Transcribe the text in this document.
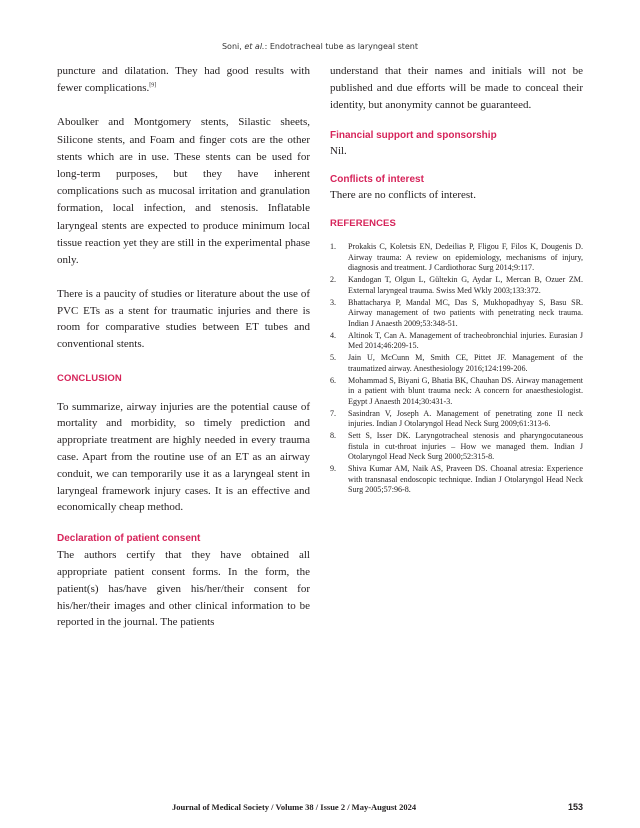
Soni, et al.: Endotracheal tube as laryngeal stent

puncture and dilatation. They had good results with fewer complications.[9]

Aboulker and Montgomery stents, Silastic sheets, Silicone stents, and Foam and finger cots are the other stents which are in use. These stents can be used for long-term purposes, but they have inherent complications such as mucosal irritation and granulation formation, local infection, and stenosis. Inflatable laryngeal stents are expected to produce minimum local tissue reaction yet they are still in the experimental phase only.

There is a paucity of studies or literature about the use of PVC ETs as a stent for traumatic injuries and there is room for comparative studies between ET tubes and conventional stents.

CONCLUSION

To summarize, airway injuries are the potential cause of mortality and morbidity, so timely prediction and appropriate treatment are highly needed in every trauma case. Apart from the routine use of an ET as an airway conduit, we can temporarily use it as a laryngeal stent in laryngeal framework injury cases. It is an effective and economically cheap method.

Declaration of patient consent

The authors certify that they have obtained all appropriate patient consent forms. In the form, the patient(s) has/have given his/her/their consent for his/her/their images and other clinical information to be reported in the journal. The patients

understand that their names and initials will not be published and due efforts will be made to conceal their identity, but anonymity cannot be guaranteed.

Financial support and sponsorship

Nil.

Conflicts of interest

There are no conflicts of interest.

REFERENCES
1.	Prokakis C, Koletsis EN, Dedeilias P, Fligou F, Filos K, Dougenis D. Airway trauma: A review on epidemiology, mechanisms of injury, diagnosis and treatment. J Cardiothorac Surg 2014;9:117.
2.	Kandogan T, Olgun L, Gültekin G, Aydar L, Mercan B, Ozuer ZM. External laryngeal trauma. Swiss Med Wkly 2003;133:372.
3.	Bhattacharya P, Mandal MC, Das S, Mukhopadhyay S, Basu SR. Airway management of two patients with penetrating neck trauma. Indian J Anaesth 2009;53:348-51.
4.	Altinok T, Can A. Management of tracheobronchial injuries. Eurasian J Med 2014;46:209-15.
5.	Jain U, McCunn M, Smith CE, Pittet JF. Management of the traumatized airway. Anesthesiology 2016;124:199-206.
6.	Mohammad S, Biyani G, Bhatia BK, Chauhan DS. Airway management in a patient with blunt trauma neck: A concern for anaesthesiologist. Egypt J Anaesth 2014;30:431-3.
7.	Sasindran V, Joseph A. Management of penetrating zone II neck injuries. Indian J Otolaryngol Head Neck Surg 2009;61:313-6.
8.	Sett S, Isser DK. Laryngotracheal stenosis and pharyngocutaneous fistula in cut-throat injuries – How we managed them. Indian J Otolaryngol Head Neck Surg 2000;52:315-8.
9.	Shiva Kumar AM, Naik AS, Praveen DS. Choanal atresia: Experience with transnasal endoscopic technique. Indian J Otolaryngol Head Neck Surg 2005;57:96-8.
Journal of Medical Society / Volume 38 / Issue 2 / May-August 2024	153
